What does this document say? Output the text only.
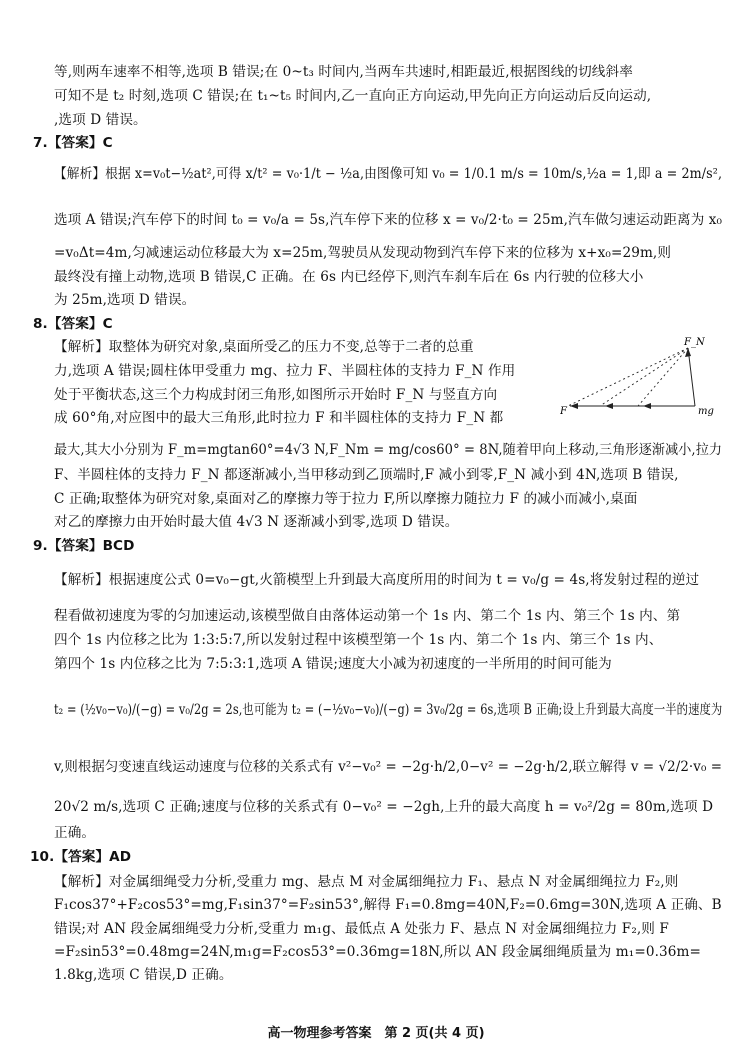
等,则两车速率不相等,选项 B 错误;在 0~t₃ 时间内,当两车共速时,相距最近,根据图线的切线斜率
可知不是 t₂ 时刻,选项 C 错误;在 t₁~t₅ 时间内,乙一直向正方向运动,甲先向正方向运动后反向运动,
,选项 D 错误。
7.【答案】C
【解析】根据 x=v₀t−½at²,可得 x/t² = v₀·1/t − ½a,由图像可知 v₀ = 1/0.1 m/s = 10m/s,½a = 1,即 a = 2m/s²,
选项 A 错误;汽车停下的时间 t₀ = v₀/a = 5s,汽车停下来的位移 x = v₀/2·t₀ = 25m,汽车做匀速运动距离为 x₀
=v₀Δt=4m,匀减速运动位移最大为 x=25m,驾驶员从发现动物到汽车停下来的位移为 x+x₀=29m,则
最终没有撞上动物,选项 B 错误,C 正确。在 6s 内已经停下,则汽车刹车后在 6s 内行驶的位移大小
为 25m,选项 D 错误。
8.【答案】C
【解析】取整体为研究对象,桌面所受乙的压力不变,总等于二者的总重
力,选项 A 错误;圆柱体甲受重力 mg、拉力 F、半圆柱体的支持力 F_N 作用
处于平衡状态,这三个力构成封闭三角形,如图所示开始时 F_N 与竖直方向
成 60°角,对应图中的最大三角形,此时拉力 F 和半圆柱体的支持力 F_N 都
F_N
F	mg
最大,其大小分别为 F_m=mgtan60°=4√3 N,F_Nm = mg/cos60° = 8N,随着甲向上移动,三角形逐渐减小,拉力
F、半圆柱体的支持力 F_N 都逐渐减小,当甲移动到乙顶端时,F 减小到零,F_N 减小到 4N,选项 B 错误,
C 正确;取整体为研究对象,桌面对乙的摩擦力等于拉力 F,所以摩擦力随拉力 F 的减小而减小,桌面
对乙的摩擦力由开始时最大值 4√3 N 逐渐减小到零,选项 D 错误。
9.【答案】BCD
【解析】根据速度公式 0=v₀−gt,火箭模型上升到最大高度所用的时间为 t = v₀/g = 4s,将发射过程的逆过
程看做初速度为零的匀加速运动,该模型做自由落体运动第一个 1s 内、第二个 1s 内、第三个 1s 内、第
四个 1s 内位移之比为 1:3:5:7,所以发射过程中该模型第一个 1s 内、第二个 1s 内、第三个 1s 内、
第四个 1s 内位移之比为 7:5:3:1,选项 A 错误;速度大小减为初速度的一半所用的时间可能为
t₂ = (½v₀−v₀)/(−g) = v₀/2g = 2s,也可能为 t₂ = (−½v₀−v₀)/(−g) = 3v₀/2g = 6s,选项 B 正确;设上升到最大高度一半的速度为
v,则根据匀变速直线运动速度与位移的关系式有 v²−v₀² = −2g·h/2,0−v² = −2g·h/2,联立解得 v = √2/2·v₀ =
20√2 m/s,选项 C 正确;速度与位移的关系式有 0−v₀² = −2gh,上升的最大高度 h = v₀²/2g = 80m,选项 D
正确。
10.【答案】AD
【解析】对金属细绳受力分析,受重力 mg、悬点 M 对金属细绳拉力 F₁、悬点 N 对金属细绳拉力 F₂,则
F₁cos37°+F₂cos53°=mg,F₁sin37°=F₂sin53°,解得 F₁=0.8mg=40N,F₂=0.6mg=30N,选项 A 正确、B
错误;对 AN 段金属细绳受力分析,受重力 m₁g、最低点 A 处张力 F、悬点 N 对金属细绳拉力 F₂,则 F
=F₂sin53°=0.48mg=24N,m₁g=F₂cos53°=0.36mg=18N,所以 AN 段金属细绳质量为 m₁=0.36m=
1.8kg,选项 C 错误,D 正确。
高一物理参考答案　第 2 页(共 4 页)
